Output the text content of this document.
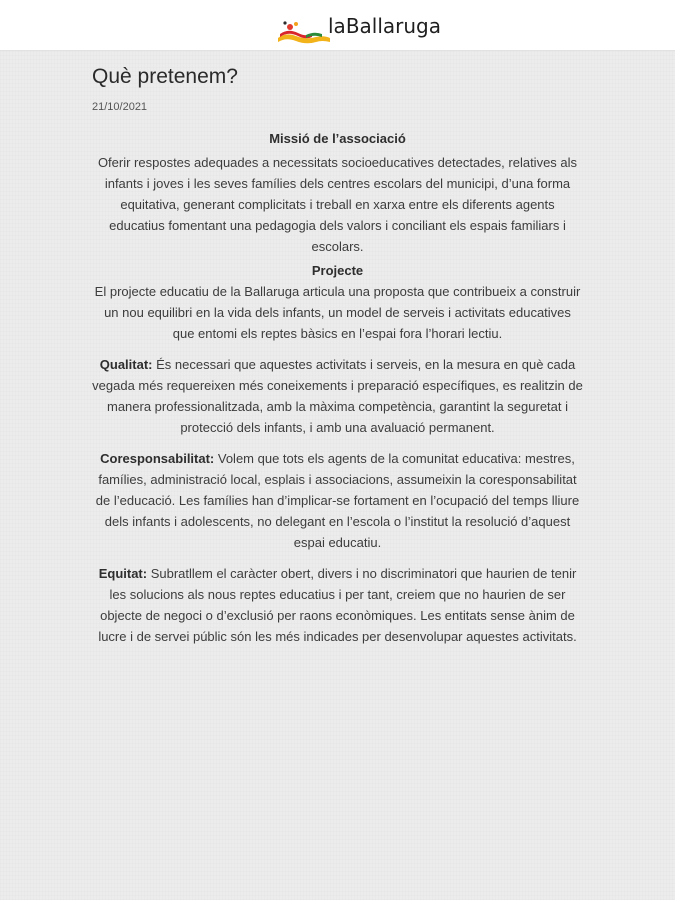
laBallaruga
Què pretenem?
21/10/2021
Missió de l’associació

Oferir respostes adequades a necessitats socioeducatives detectades, relatives als infants i joves i les seves famílies dels centres escolars del municipi, d’una forma equitativa, generant complicitats i treball en xarxa entre els diferents agents educatius fomentant una pedagogia dels valors i conciliant els espais familiars i escolars.

Projecte

El projecte educatiu de la Ballaruga articula una proposta que contribueix a construir un nou equilibri en la vida dels infants, un model de serveis i activitats educatives que entomi els reptes bàsics en l’espai fora l’horari lectiu.

Qualitat: És necessari que aquestes activitats i serveis, en la mesura en què cada vegada més requereixen més coneixements i preparació específiques, es realitzin de manera professionalitzada, amb la màxima competència, garantint la seguretat i protecció dels infants, i amb una avaluació permanent.

Coresponsabilitat: Volem que tots els agents de la comunitat educativa: mestres, famílies, administració local, esplais i associacions, assumeixin la coresponsabilitat de l’educació. Les famílies han d’implicar-se fortament en l’ocupació del temps lliure dels infants i adolescents, no delegant en l’escola o l’institut la resolució d’aquest espai educatiu.

Equitat: Subratllem el caràcter obert, divers i no discriminatori que haurien de tenir les solucions als nous reptes educatius i per tant, creiem que no haurien de ser objecte de negoci o d’exclusió per raons econòmiques. Les entitats sense ànim de lucre i de servei públic són les més indicades per desenvolupar aquestes activitats.
